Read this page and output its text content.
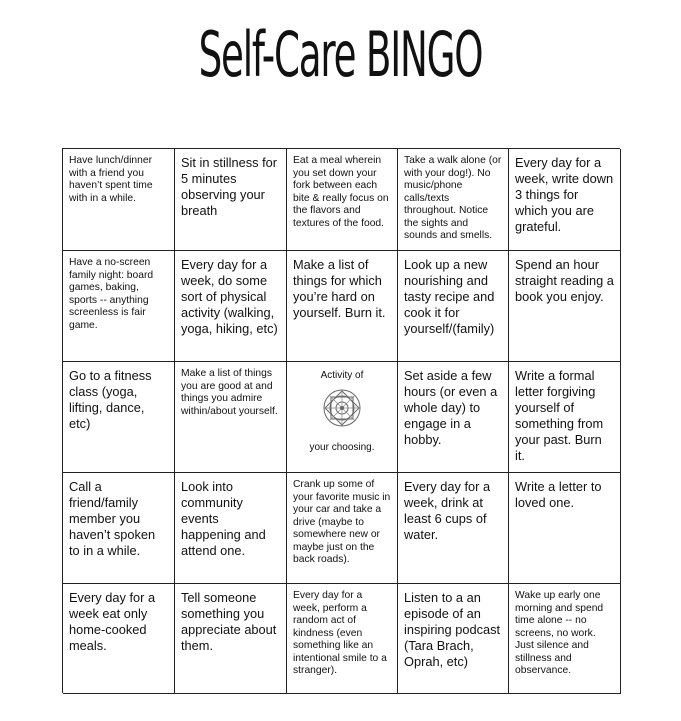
Self-Care BINGO
Have lunch/dinner with a friend you haven’t spent time with in a while.
Sit in stillness for 5 minutes observing your breath
Eat a meal wherein you set down your fork between each bite & really focus on the flavors and textures of the food.
Take a walk alone (or with your dog!). No music/phone calls/texts throughout. Notice the sights and sounds and smells.
Every day for a week, write down 3 things for which you are grateful.
Have a no-screen family night: board games, baking, sports -- anything screenless is fair game.
Every day for a week, do some sort of physical activity (walking, yoga, hiking, etc)
Make a list of things for which you’re hard on yourself. Burn it.
Look up a new nourishing and tasty recipe and cook it for yourself/(family)
Spend an hour straight reading a book you enjoy.
Go to a fitness class (yoga, lifting, dance, etc)
Make a list of things you are good at and things you admire within/about yourself.
Activity of
your choosing.
Set aside a few hours (or even a whole day) to engage in a hobby.
Write a formal letter forgiving yourself of something from your past. Burn it.
Call a friend/family member you haven’t spoken to in a while.
Look into community events happening and attend one.
Crank up some of your favorite music in your car and take a drive (maybe to somewhere new or maybe just on the back roads).
Every day for a week, drink at least 6 cups of water.
Write a letter to loved one.
Every day for a week eat only home-cooked meals.
Tell someone something you appreciate about them.
Every day for a week, perform a random act of kindness (even something like an intentional smile to a stranger).
Listen to a an episode of an inspiring podcast (Tara Brach, Oprah, etc)
Wake up early one morning and spend time alone -- no screens, no work. Just silence and stillness and observance.
